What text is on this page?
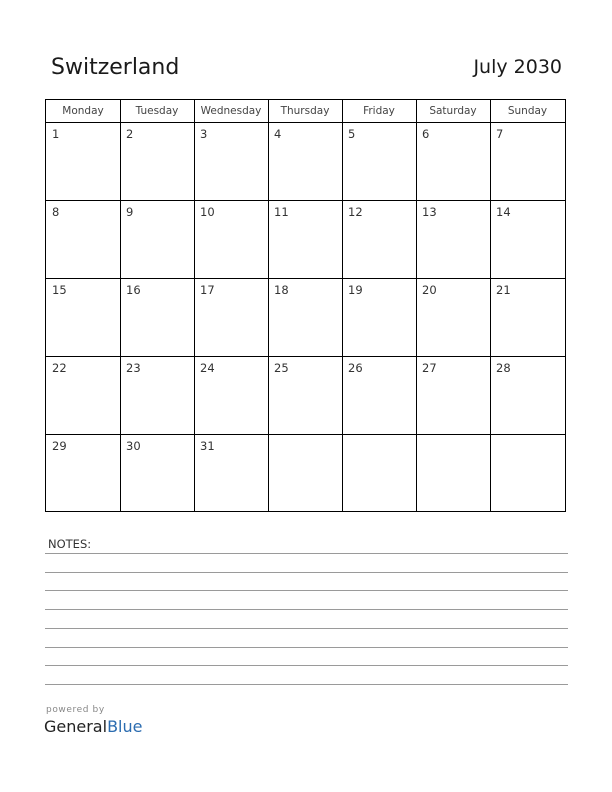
Switzerland	July 2030
Monday	Tuesday	Wednesday	Thursday	Friday	Saturday	Sunday
1	2	3	4	5	6	7
8	9	10	11	12	13	14
15	16	17	18	19	20	21
22	23	24	25	26	27	28
29	30	31
NOTES:
powered by
GeneralBlue
